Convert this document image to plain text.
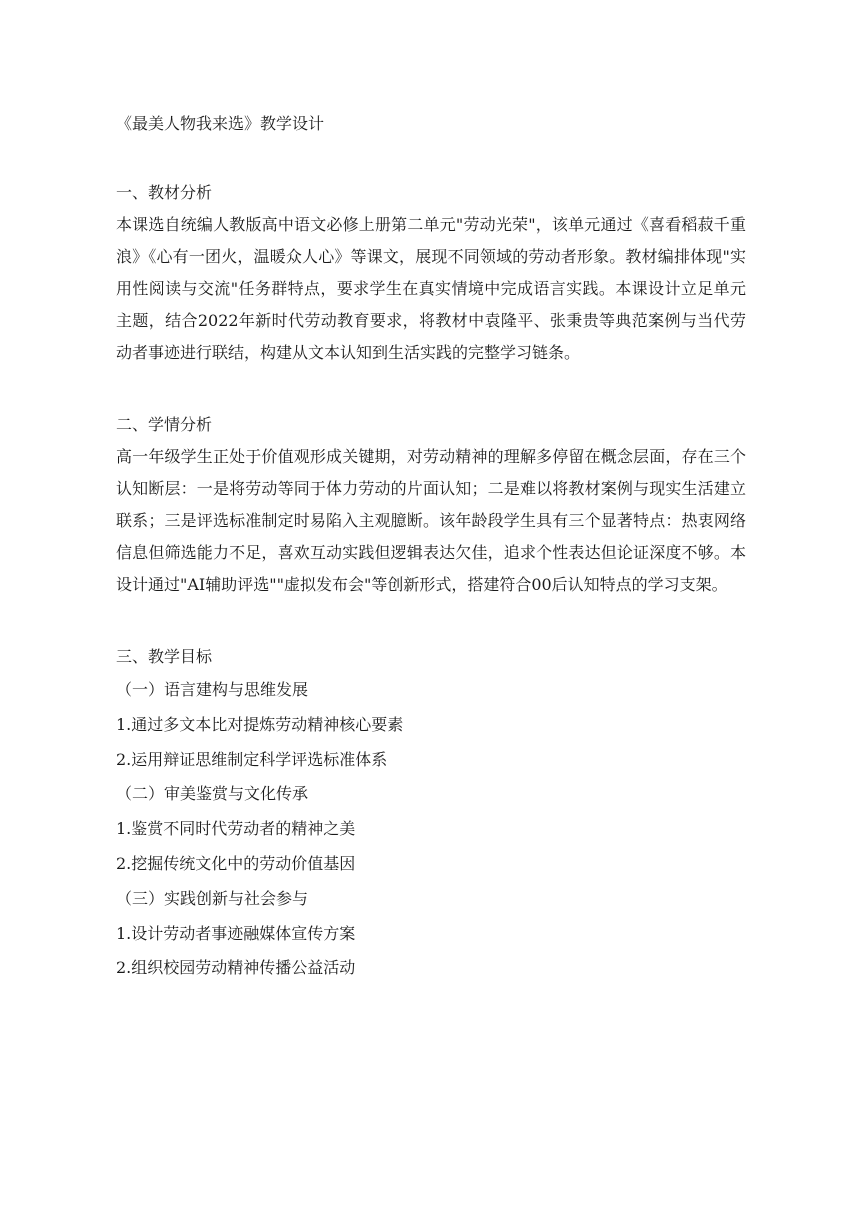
《最美人物我来选》教学设计
一、教材分析

本课选自统编人教版高中语文必修上册第二单元"劳动光荣"，该单元通过《喜看稻菽千重浪》《心有一团火，温暖众人心》等课文，展现不同领域的劳动者形象。教材编排体现"实用性阅读与交流"任务群特点，要求学生在真实情境中完成语言实践。本课设计立足单元主题，结合2022年新时代劳动教育要求，将教材中袁隆平、张秉贵等典范案例与当代劳动者事迹进行联结，构建从文本认知到生活实践的完整学习链条。

二、学情分析

高一年级学生正处于价值观形成关键期，对劳动精神的理解多停留在概念层面，存在三个认知断层：一是将劳动等同于体力劳动的片面认知；二是难以将教材案例与现实生活建立联系；三是评选标准制定时易陷入主观臆断。该年龄段学生具有三个显著特点：热衷网络信息但筛选能力不足，喜欢互动实践但逻辑表达欠佳，追求个性表达但论证深度不够。本设计通过"AI辅助评选""虚拟发布会"等创新形式，搭建符合00后认知特点的学习支架。

三、教学目标
（一）语言建构与思维发展
1.通过多文本比对提炼劳动精神核心要素
2.运用辩证思维制定科学评选标准体系
（二）审美鉴赏与文化传承
1.鉴赏不同时代劳动者的精神之美
2.挖掘传统文化中的劳动价值基因
（三）实践创新与社会参与
1.设计劳动者事迹融媒体宣传方案
2.组织校园劳动精神传播公益活动
